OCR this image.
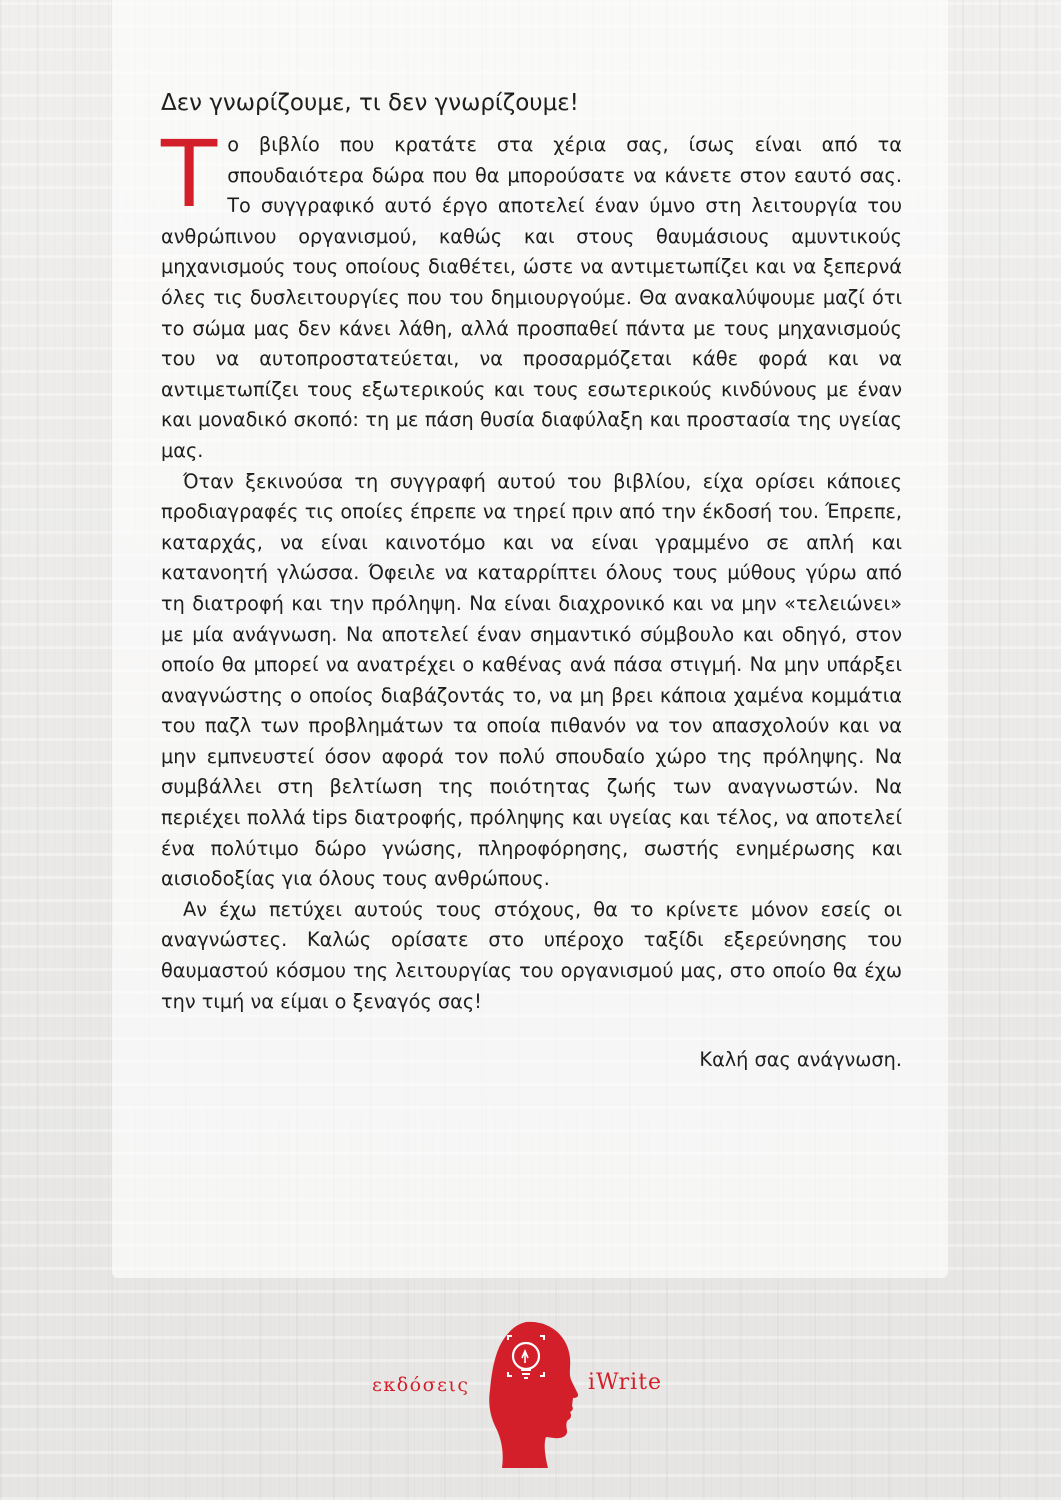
Δεν γνωρίζουμε, τι δεν γνωρίζουμε!

Το βιβλίο που κρατάτε στα χέρια σας, ίσως είναι από τα σπουδαιότερα δώρα που θα μπορούσατε να κάνετε στον εαυτό σας. Το συγγραφικό αυτό έργο αποτελεί έναν ύμνο στη λειτουργία του ανθρώπινου οργανισμού, καθώς και στους θαυμάσιους αμυντικούς μηχανισμούς τους οποίους διαθέτει, ώστε να αντιμετωπίζει και να ξεπερνά όλες τις δυσλειτουργίες που του δημιουργούμε. Θα ανακαλύψουμε μαζί ότι το σώμα μας δεν κάνει λάθη, αλλά προσπαθεί πάντα με τους μηχανισμούς του να αυτοπροστατεύεται, να προσαρμόζεται κάθε φορά και να αντιμετωπίζει τους εξωτερικούς και τους εσωτερικούς κινδύνους με έναν και μοναδικό σκοπό: τη με πάση θυσία διαφύλαξη και προστασία της υγείας μας.

Όταν ξεκινούσα τη συγγραφή αυτού του βιβλίου, είχα ορίσει κάποιες προδιαγραφές τις οποίες έπρεπε να τηρεί πριν από την έκδοσή του. Έπρεπε, καταρχάς, να είναι καινοτόμο και να είναι γραμμένο σε απλή και κατανοητή γλώσσα. Όφειλε να καταρρίπτει όλους τους μύθους γύρω από τη διατροφή και την πρόληψη. Να είναι διαχρονικό και να μην «τελειώνει» με μία ανάγνωση. Να αποτελεί έναν σημαντικό σύμβουλο και οδηγό, στον οποίο θα μπορεί να ανατρέχει ο καθένας ανά πάσα στιγμή. Να μην υπάρξει αναγνώστης ο οποίος διαβάζοντάς το, να μη βρει κάποια χαμένα κομμάτια του παζλ των προβλημάτων τα οποία πιθανόν να τον απασχολούν και να μην εμπνευστεί όσον αφορά τον πολύ σπουδαίο χώρο της πρόληψης. Να συμβάλλει στη βελτίωση της ποιότητας ζωής των αναγνωστών. Να περιέχει πολλά tips διατροφής, πρόληψης και υγείας και τέλος, να αποτελεί ένα πολύτιμο δώρο γνώσης, πληροφόρησης, σωστής ενημέρωσης και αισιοδοξίας για όλους τους ανθρώπους.

Αν έχω πετύχει αυτούς τους στόχους, θα το κρίνετε μόνον εσείς οι αναγνώστες. Καλώς ορίσατε στο υπέροχο ταξίδι εξερεύνησης του θαυμαστού κόσμου της λειτουργίας του οργανισμού μας, στο οποίο θα έχω την τιμή να είμαι ο ξεναγός σας!

Καλή σας ανάγνωση.
εκδόσεις	iWrite
